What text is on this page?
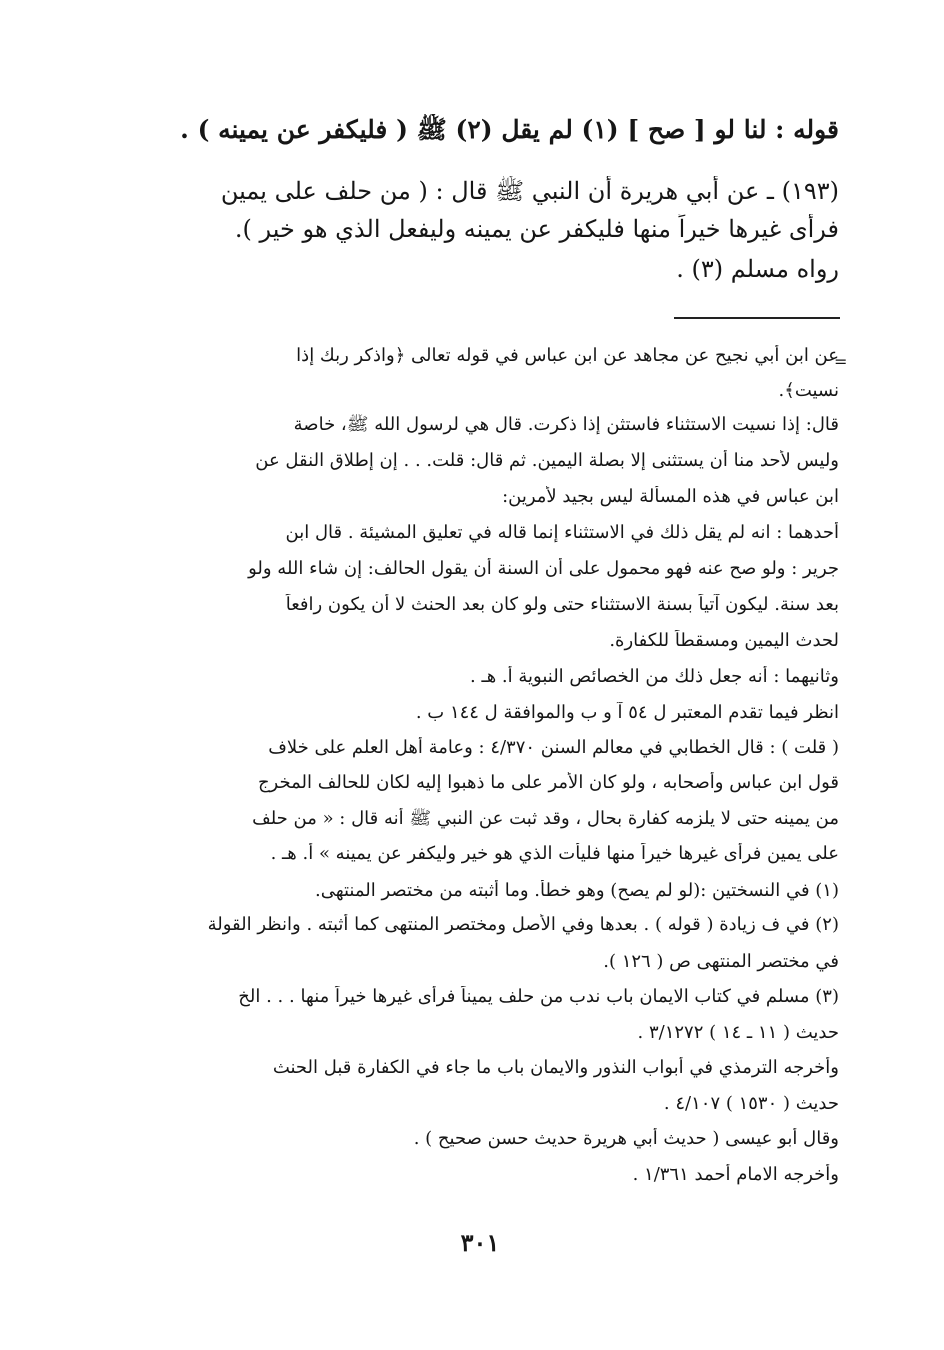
قوله : لنا لو [ صح ] (١) لم يقل (٢) ﷺ ( فليكفر عن يمينه ) .

(١٩٣) ـ عن أبي هريرة أن النبي ﷺ قال : ( من حلف على يمين

فرأى غيرها خيراً منها فليكفر عن يمينه وليفعل الذي هو خير ).

رواه مسلم (٣) .

=

عن ابن أبي نجيح عن مجاهد عن ابن عباس في قوله تعالى ﴿واذكر ربك إذا

نسيت﴾.

قال: إذا نسيت الاستثناء فاستثن إذا ذكرت. قال هي لرسول الله ﷺ، خاصة

وليس لأحد منا أن يستثنى إلا بصلة اليمين. ثم قال: قلت. . . إن إطلاق النقل عن

ابن عباس في هذه المسألة ليس بجيد لأمرين:

أحدهما : انه لم يقل ذلك في الاستثناء إنما قاله في تعليق المشيئة . قال ابن

جرير : ولو صح عنه فهو محمول على أن السنة أن يقول الحالف: إن شاء الله ولو

بعد سنة. ليكون آتياً بسنة الاستثناء حتى ولو كان بعد الحنث لا أن يكون رافعاً

لحدث اليمين ومسقطاً للكفارة.

وثانيهما : أنه جعل ذلك من الخصائص النبوية أ. هـ .

انظر فيما تقدم المعتبر ل ٥٤ آ و ب والموافقة ل ١٤٤ ب .

( قلت ) : قال الخطابي في معالم السنن ٤/٣٧٠ : وعامة أهل العلم على خلاف

قول ابن عباس وأصحابه ، ولو كان الأمر على ما ذهبوا إليه لكان للحالف المخرج

من يمينه حتى لا يلزمه كفارة بحال ، وقد ثبت عن النبي ﷺ أنه قال : « من حلف

على يمين فرأى غيرها خيراً منها فليأت الذي هو خير وليكفر عن يمينه » أ. هـ .

(١) في النسختين :(لو لم يصح) وهو خطأ. وما أثبته من مختصر المنتهى.

(٢) في ف زيادة ( قوله ) . بعدها وفي الأصل ومختصر المنتهى كما أثبته . وانظر القولة

في مختصر المنتهى ص ( ١٢٦ ).

(٣) مسلم في كتاب الايمان باب ندب من حلف يميناً فرأى غيرها خيراً منها . . . الخ

حديث ( ١١ ـ ١٤ ) ٣/١٢٧٢ .

وأخرجه الترمذي في أبواب النذور والايمان باب ما جاء في الكفارة قبل الحنث

حديث ( ١٥٣٠ ) ٤/١٠٧ .

وقال أبو عيسى ( حديث أبي هريرة حديث حسن صحيح ) .

وأخرجه الامام أحمد ١/٣٦١ .

٣٠١
